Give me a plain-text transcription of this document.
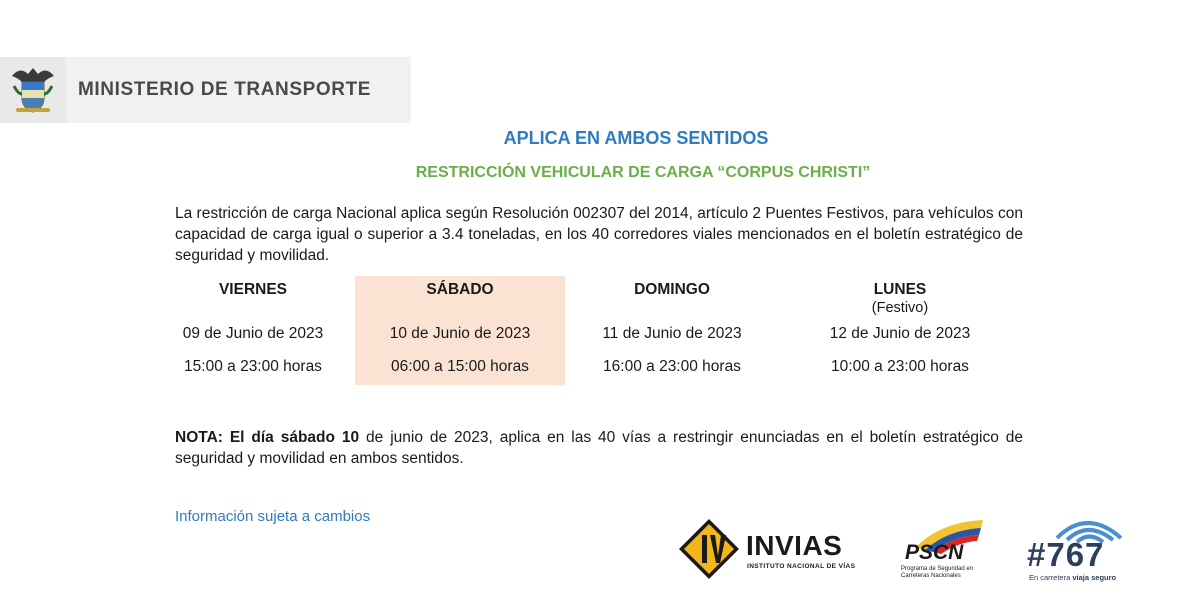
MINISTERIO DE TRANSPORTE
APLICA EN AMBOS SENTIDOS
RESTRICCIÓN VEHICULAR DE CARGA “CORPUS CHRISTI”
La restricción de carga Nacional aplica según Resolución 002307 del 2014, artículo 2 Puentes Festivos, para vehículos con capacidad de carga igual o superior a 3.4 toneladas, en los 40 corredores viales mencionados en el boletín estratégico de seguridad y movilidad.
VIERNES
09 de Junio de 2023
15:00 a 23:00 horas
SÁBADO
10 de Junio de 2023
06:00 a 15:00 horas
DOMINGO
11 de Junio de 2023
16:00 a 23:00 horas
LUNES
(Festivo)
12 de Junio de 2023
10:00 a 23:00 horas
NOTA: El día sábado 10 de junio de 2023, aplica en las 40 vías a restringir enunciadas en el boletín estratégico de seguridad y movilidad en ambos sentidos.
Información sujeta a cambios
INVIAS
INSTITUTO NACIONAL DE VÍAS
PSCN
Programa de Seguridad en
Carreteras Nacionales
#767
En carretera viaja seguro
